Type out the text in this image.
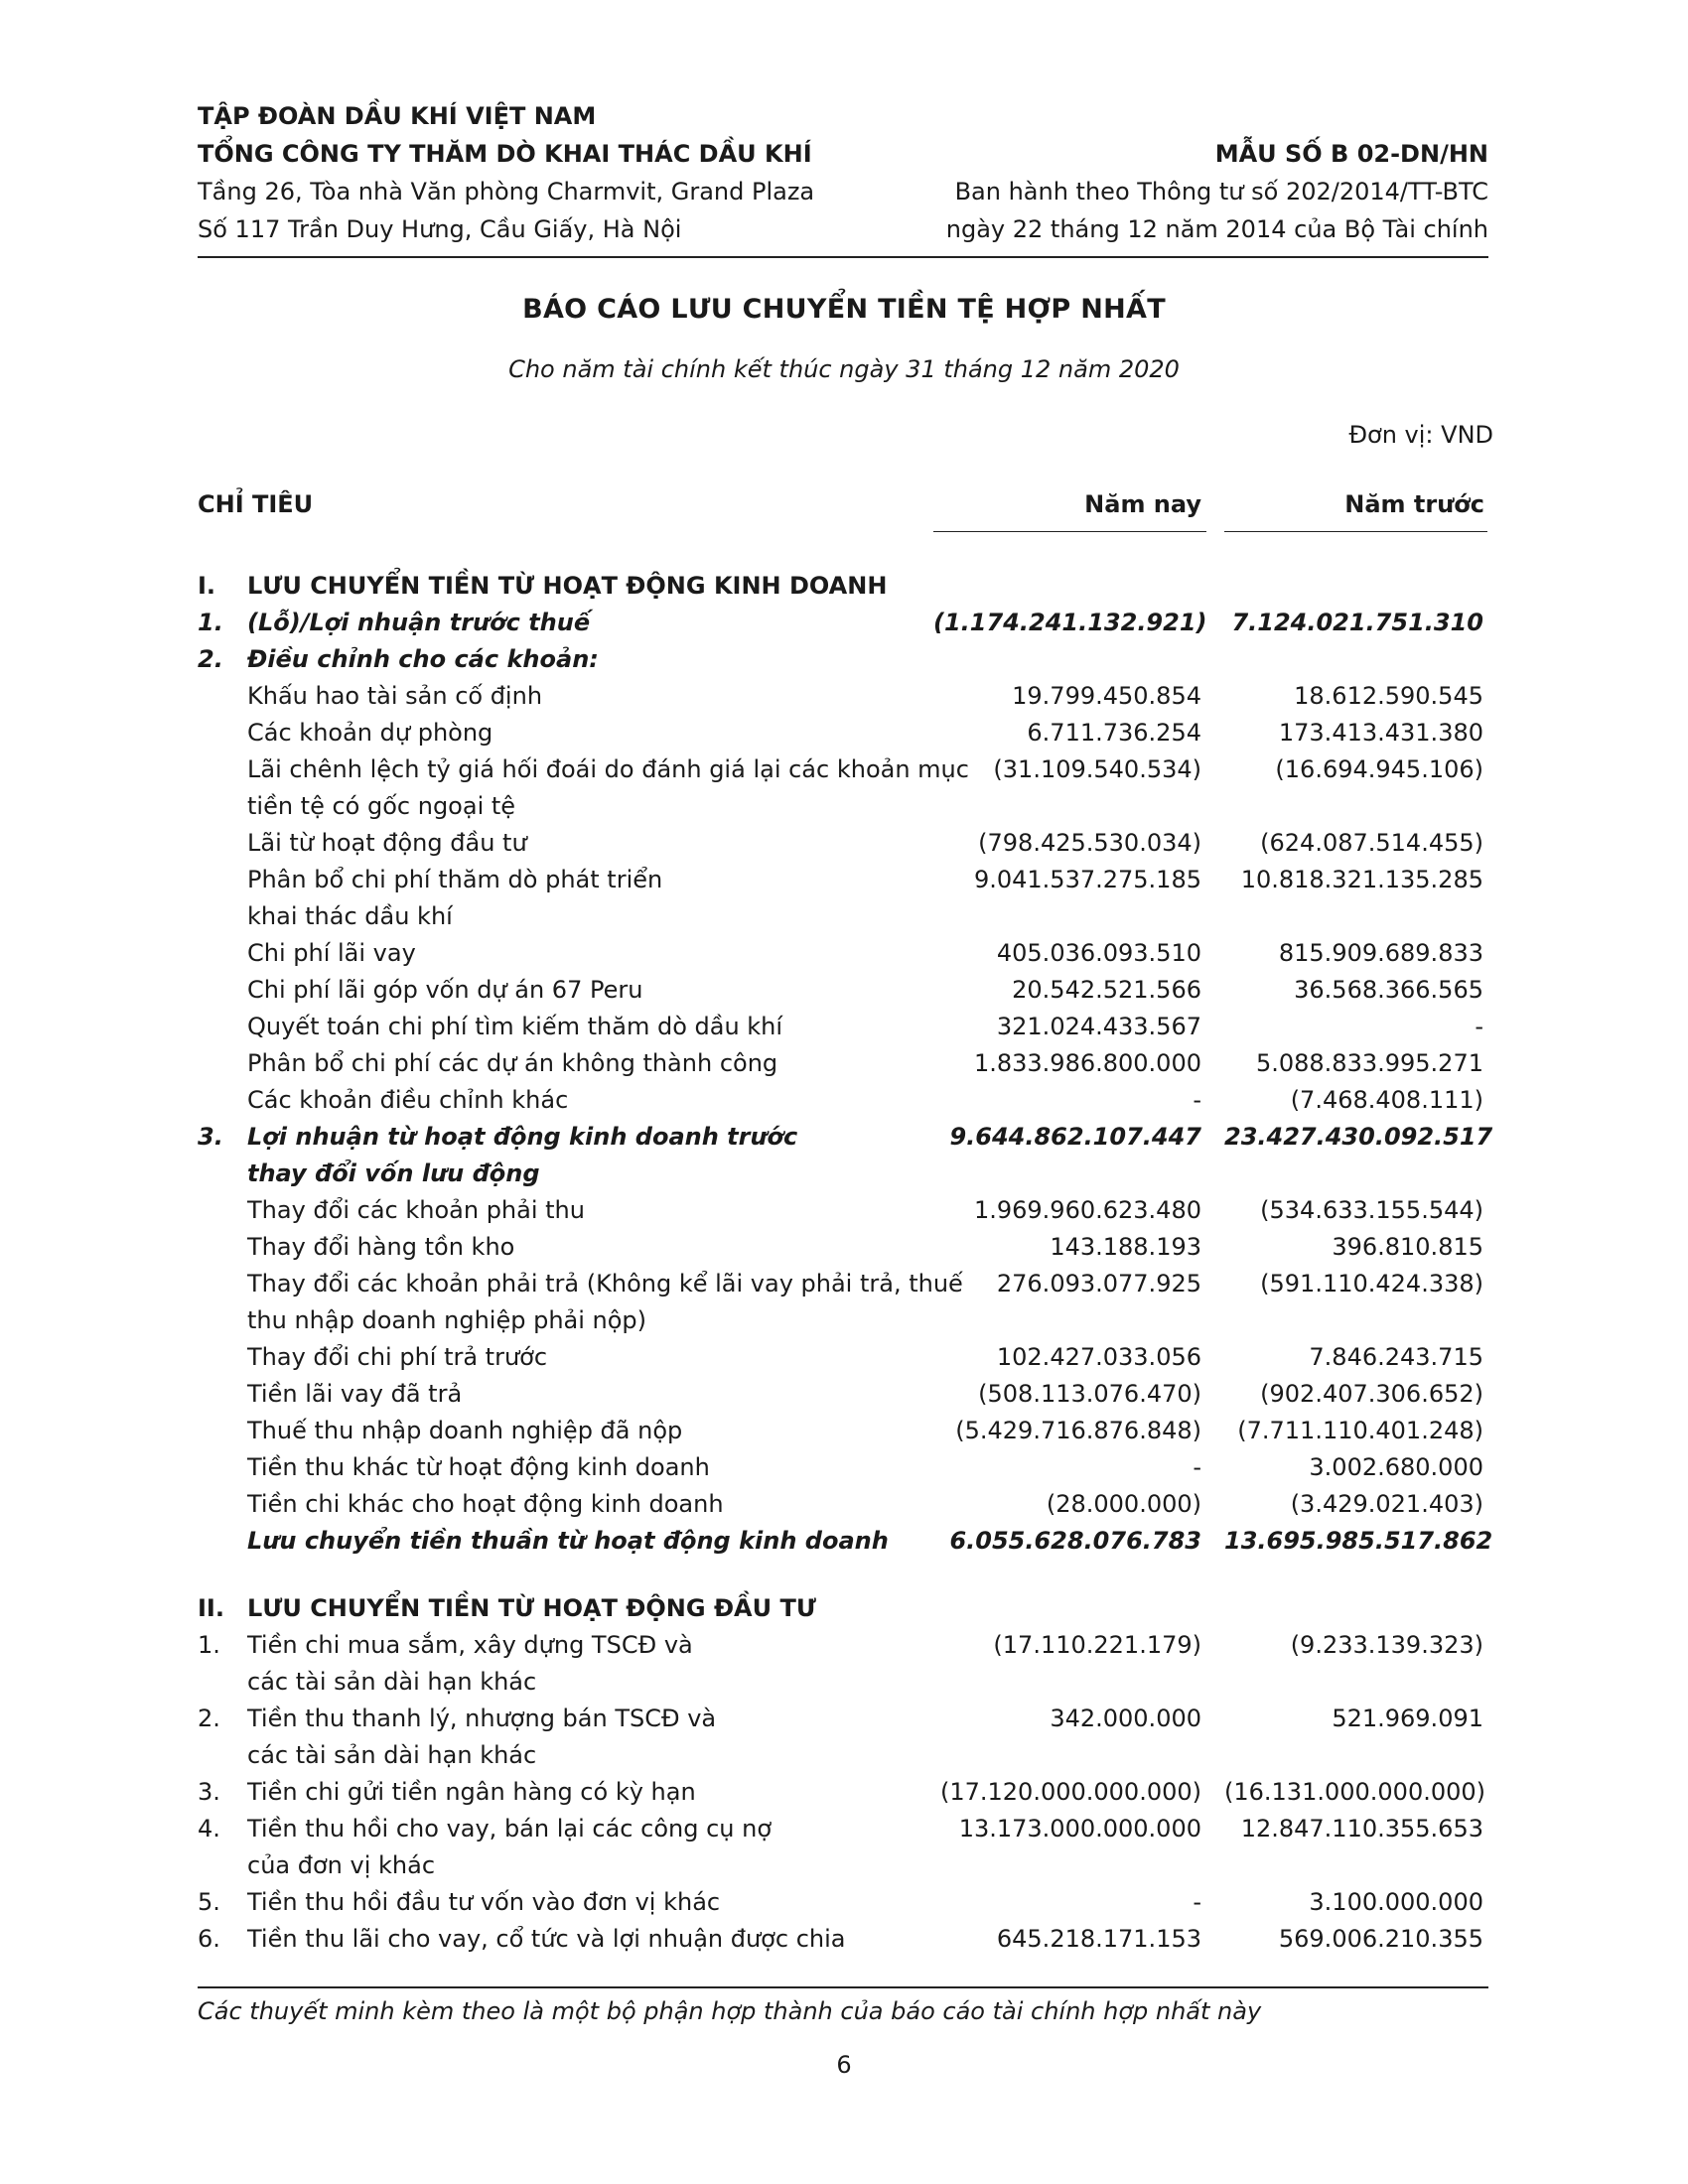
TẬP ĐOÀN DẦU KHÍ VIỆT NAM
TỔNG CÔNG TY THĂM DÒ KHAI THÁC DẦU KHÍ	MẪU SỐ B 02-DN/HN
Tầng 26, Tòa nhà Văn phòng Charmvit, Grand Plaza	Ban hành theo Thông tư số 202/2014/TT-BTC
Số 117 Trần Duy Hưng, Cầu Giấy, Hà Nội	ngày 22 tháng 12 năm 2014 của Bộ Tài chính
BÁO CÁO LƯU CHUYỂN TIỀN TỆ HỢP NHẤT
Cho năm tài chính kết thúc ngày 31 tháng 12 năm 2020
Đơn vị: VND
CHỈ TIÊU	Năm nay	Năm trước
I.	LƯU CHUYỂN TIỀN TỪ HOẠT ĐỘNG KINH DOANH
1.	(Lỗ)/Lợi nhuận trước thuế	(1.174.241.132.921)	7.124.021.751.310
2.	Điều chỉnh cho các khoản:
Khấu hao tài sản cố định	19.799.450.854	18.612.590.545
Các khoản dự phòng	6.711.736.254	173.413.431.380
Lãi chênh lệch tỷ giá hối đoái do đánh giá lại các khoản mục
tiền tệ có gốc ngoại tệ
(31.109.540.534)	(16.694.945.106)
Lãi từ hoạt động đầu tư	(798.425.530.034)	(624.087.514.455)
Phân bổ chi phí thăm dò phát triển
khai thác dầu khí
9.041.537.275.185	10.818.321.135.285
Chi phí lãi vay	405.036.093.510	815.909.689.833
Chi phí lãi góp vốn dự án 67 Peru	20.542.521.566	36.568.366.565
Quyết toán chi phí tìm kiếm thăm dò dầu khí	321.024.433.567	-
Phân bổ chi phí các dự án không thành công	1.833.986.800.000	5.088.833.995.271
Các khoản điều chỉnh khác	-	(7.468.408.111)
3.	Lợi nhuận từ hoạt động kinh doanh trước
thay đổi vốn lưu động
9.644.862.107.447 23.427.430.092.517
Thay đổi các khoản phải thu	1.969.960.623.480	(534.633.155.544)
Thay đổi hàng tồn kho	143.188.193	396.810.815
Thay đổi các khoản phải trả (Không kể lãi vay phải trả, thuế
thu nhập doanh nghiệp phải nộp)
276.093.077.925	(591.110.424.338)
Thay đổi chi phí trả trước	102.427.033.056	7.846.243.715
Tiền lãi vay đã trả	(508.113.076.470)	(902.407.306.652)
Thuế thu nhập doanh nghiệp đã nộp	(5.429.716.876.848)	(7.711.110.401.248)
Tiền thu khác từ hoạt động kinh doanh	-	3.002.680.000
Tiền chi khác cho hoạt động kinh doanh	(28.000.000)	(3.429.021.403)
Lưu chuyển tiền thuần từ hoạt động kinh doanh	6.055.628.076.783 13.695.985.517.862
II. LƯU CHUYỂN TIỀN TỪ HOẠT ĐỘNG ĐẦU TƯ
1.	Tiền chi mua sắm, xây dựng TSCĐ và
các tài sản dài hạn khác
(17.110.221.179)	(9.233.139.323)
2.	Tiền thu thanh lý, nhượng bán TSCĐ và
các tài sản dài hạn khác
342.000.000	521.969.091
3.	Tiền chi gửi tiền ngân hàng có kỳ hạn	(17.120.000.000.000) (16.131.000.000.000)
4.	Tiền thu hồi cho vay, bán lại các công cụ nợ
của đơn vị khác
13.173.000.000.000	12.847.110.355.653
5.	Tiền thu hồi đầu tư vốn vào đơn vị khác	-	3.100.000.000
6.	Tiền thu lãi cho vay, cổ tức và lợi nhuận được chia	645.218.171.153	569.006.210.355
Các thuyết minh kèm theo là một bộ phận hợp thành của báo cáo tài chính hợp nhất này
6
